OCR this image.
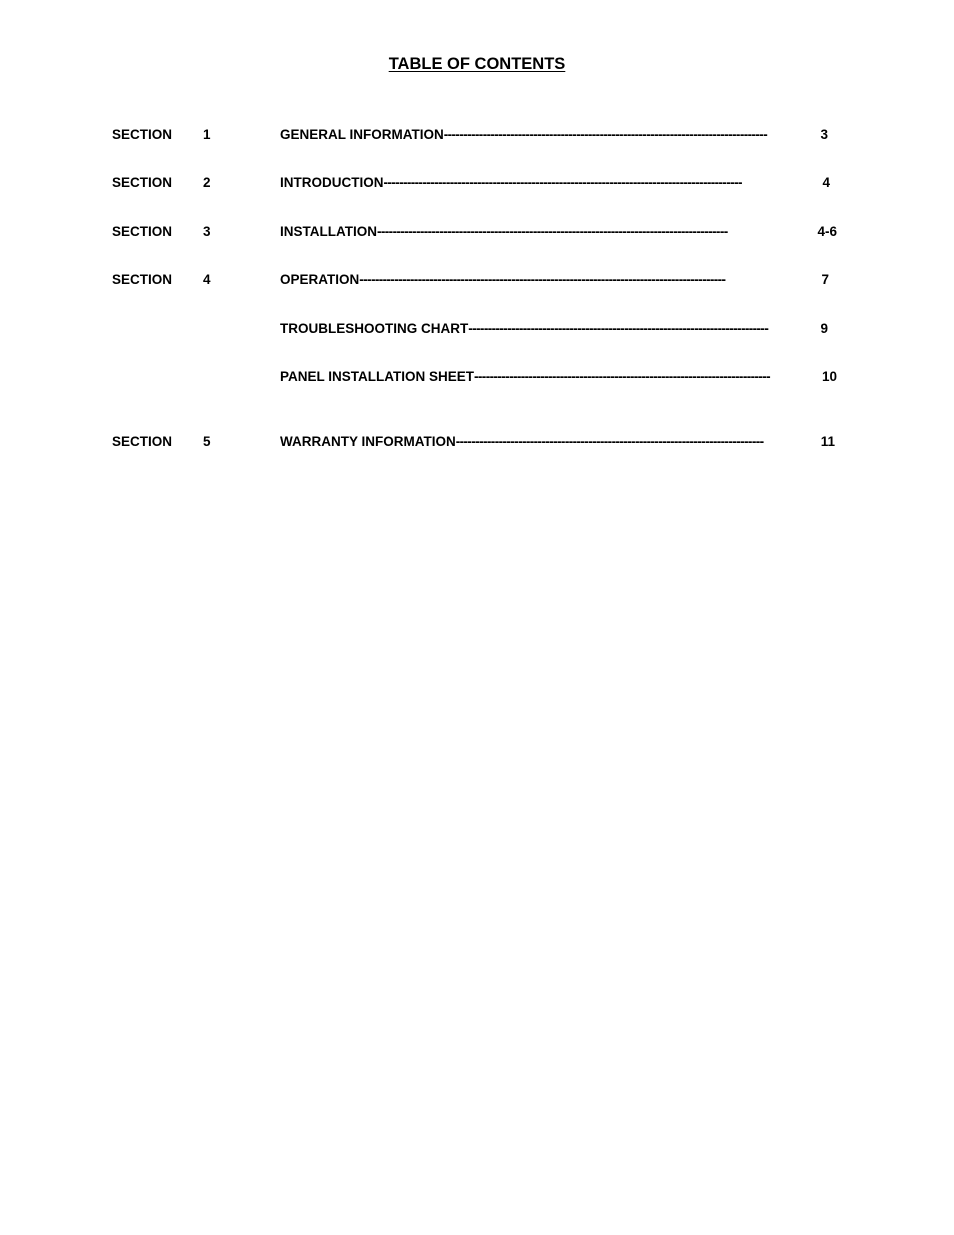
TABLE OF CONTENTS
SECTION 1	GENERAL INFORMATION -----------------------------------------------------------------------------------	3
SECTION 2	INTRODUCTION --------------------------------------------------------------------------------------------	4
SECTION 3	INSTALLATION ------------------------------------------------------------------------------------------	4-6
SECTION 4	OPERATION ----------------------------------------------------------------------------------------------	7
TROUBLESHOOTING CHART -----------------------------------------------------------------------------	9
PANEL INSTALLATION SHEET ----------------------------------------------------------------------------	10
SECTION 5	WARRANTY INFORMATION -------------------------------------------------------------------------------	11
